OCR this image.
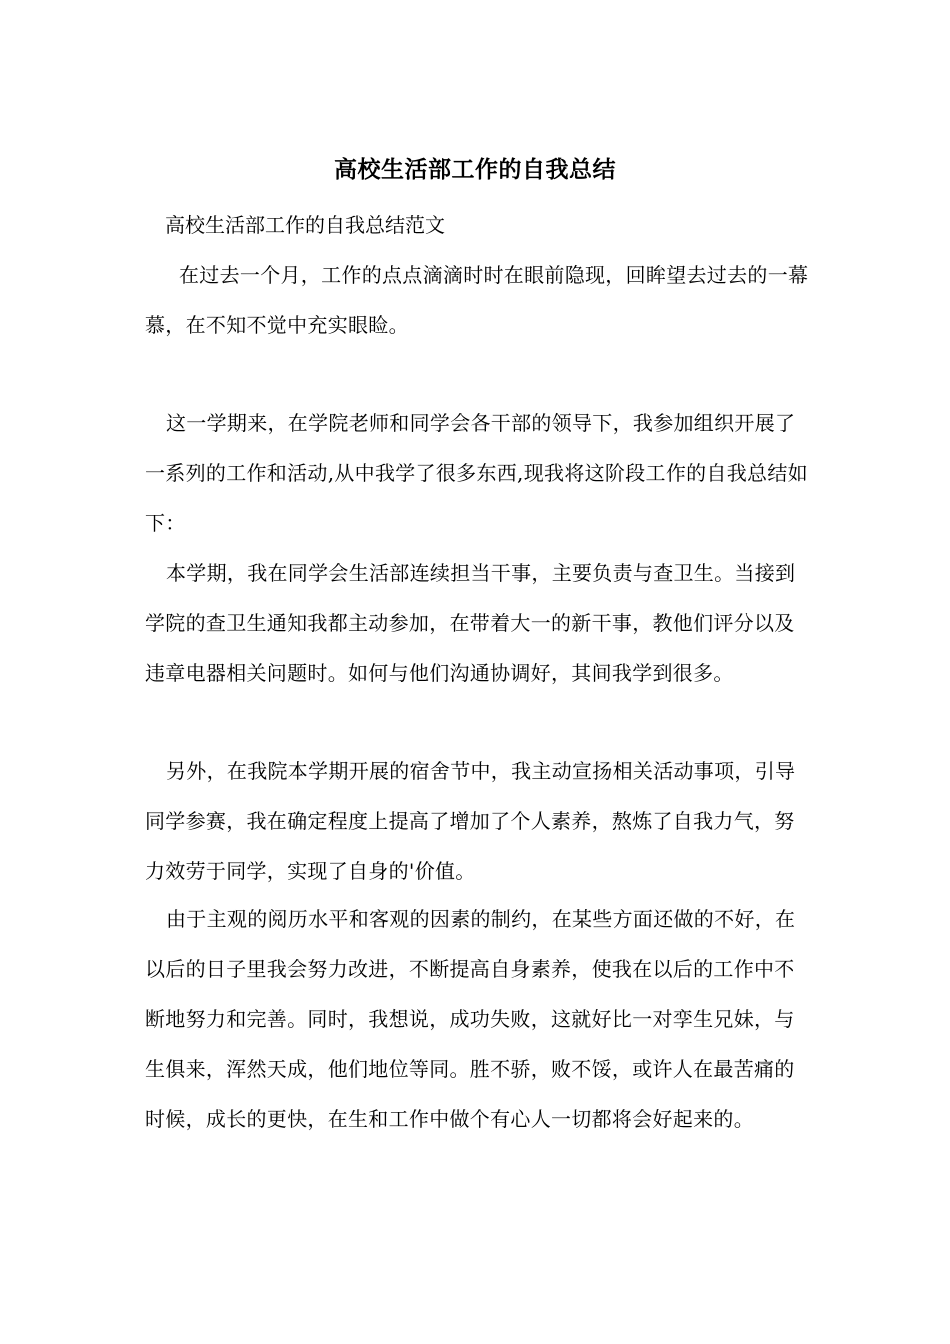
高校生活部工作的自我总结
高校生活部工作的自我总结范文

在过去一个月，工作的点点滴滴时时在眼前隐现，回眸望去过去的一幕慕，在不知不觉中充实眼睑。

这一学期来，在学院老师和同学会各干部的领导下，我参加组织开展了一系列的工作和活动,从中我学了很多东西,现我将这阶段工作的自我总结如下：

本学期，我在同学会生活部连续担当干事，主要负责与查卫生。当接到学院的查卫生通知我都主动参加，在带着大一的新干事，教他们评分以及违章电器相关问题时。如何与他们沟通协调好，其间我学到很多。

另外，在我院本学期开展的宿舍节中，我主动宣扬相关活动事项，引导同学参赛，我在确定程度上提高了增加了个人素养，熬炼了自我力气，努力效劳于同学，实现了自身的'价值。

由于主观的阅历水平和客观的因素的制约，在某些方面还做的不好，在以后的日子里我会努力改进，不断提高自身素养，使我在以后的工作中不断地努力和完善。同时，我想说，成功失败，这就好比一对孪生兄妹，与生俱来，浑然天成，他们地位等同。胜不骄，败不馁，或许人在最苦痛的时候，成长的更快，在生和工作中做个有心人一切都将会好起来的。
